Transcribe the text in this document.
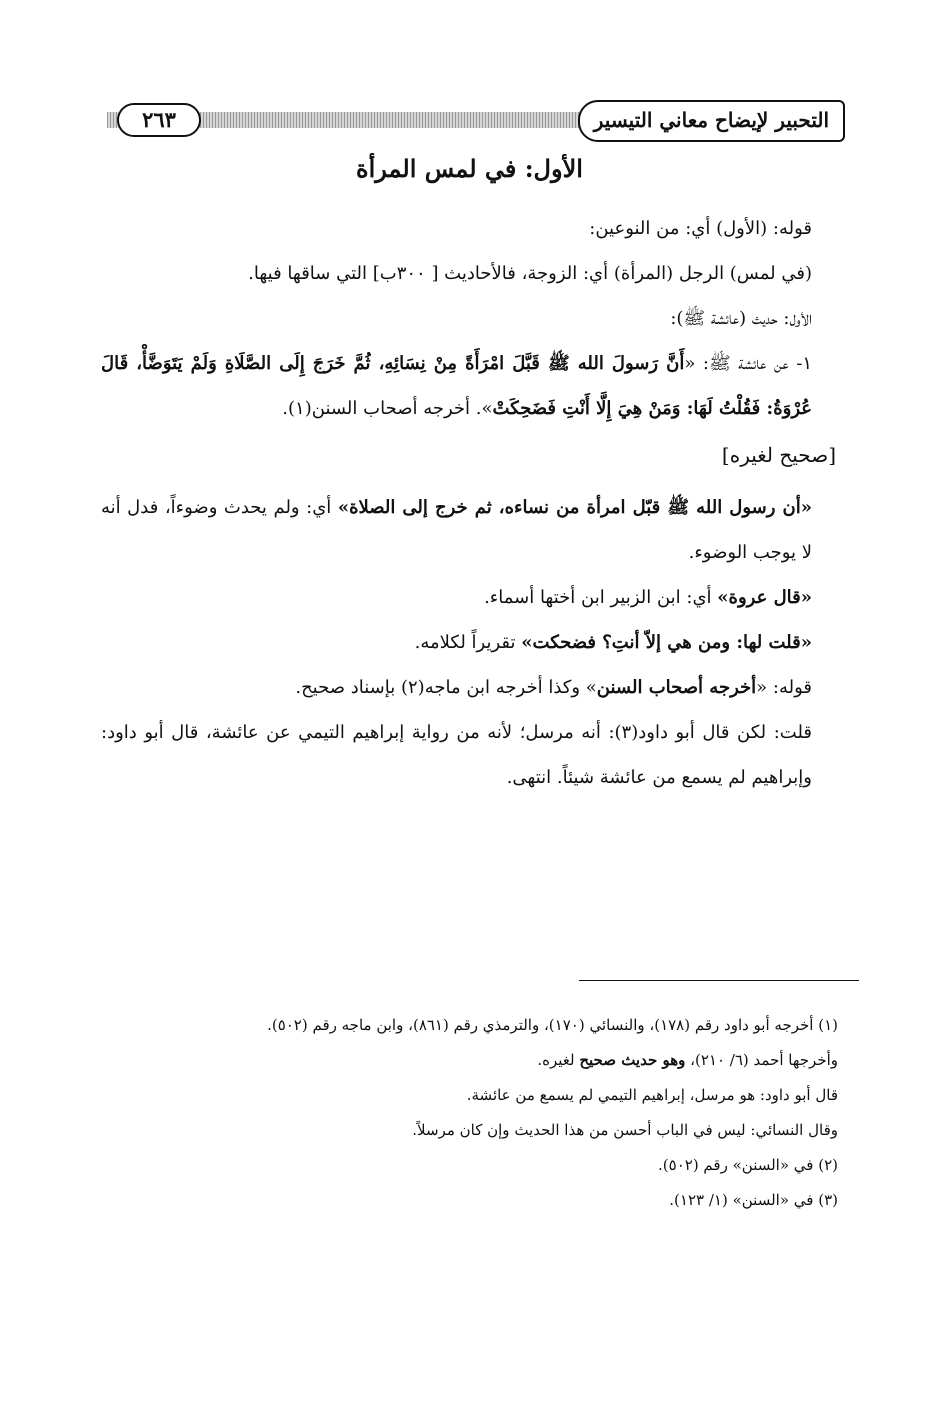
التحبير لإيضاح معاني التيسير
٢٦٣
الأول: في لمس المرأة

قوله: (الأول) أي: من النوعين:

(في لمس) الرجل (المرأة) أي: الزوجة، فالأحاديث [ ٣٠٠ب] التي ساقها فيها.

الأول: حديث (عائشة ﷺ):

١- عن عائشة ﷺ: «أَنَّ رَسولَ الله ﷺ قَبَّلَ امْرَأَةً مِنْ نِسَائِهِ، ثُمَّ خَرَجَ إِلَى الصَّلَاةِ وَلَمْ يَتَوَضَّأْ، قَالَ عُرْوَةُ: فَقُلْتُ لَهَا: وَمَنْ هِيَ إِلَّا أَنْتِ فَضَحِكَتْ». أخرجه أصحاب السنن(١).

[صحيح لغيره]

«أن رسول الله ﷺ قبّل امرأة من نساءه، ثم خرج إلى الصلاة» أي: ولم يحدث وضوءاً، فدل أنه لا يوجب الوضوء.

«قال عروة» أي: ابن الزبير ابن أختها أسماء.

«قلت لها: ومن هي إلاّ أنتِ؟ فضحكت» تقريراً لكلامه.

قوله: «أخرجه أصحاب السنن» وكذا أخرجه ابن ماجه(٢) بإسناد صحيح.

قلت: لكن قال أبو داود(٣): أنه مرسل؛ لأنه من رواية إبراهيم التيمي عن عائشة، قال أبو داود: وإبراهيم لم يسمع من عائشة شيئاً. انتهى.

(١) أخرجه أبو داود رقم (١٧٨)، والنسائي (١٧٠)، والترمذي رقم (٨٦١)، وابن ماجه رقم (٥٠٢).

وأخرجها أحمد (٦/ ٢١٠)، وهو حديث صحيح لغيره.

قال أبو داود: هو مرسل، إبراهيم التيمي لم يسمع من عائشة.

وقال النسائي: ليس في الباب أحسن من هذا الحديث وإن كان مرسلاً.

(٢) في «السنن» رقم (٥٠٢).

(٣) في «السنن» (١/ ١٢٣).
